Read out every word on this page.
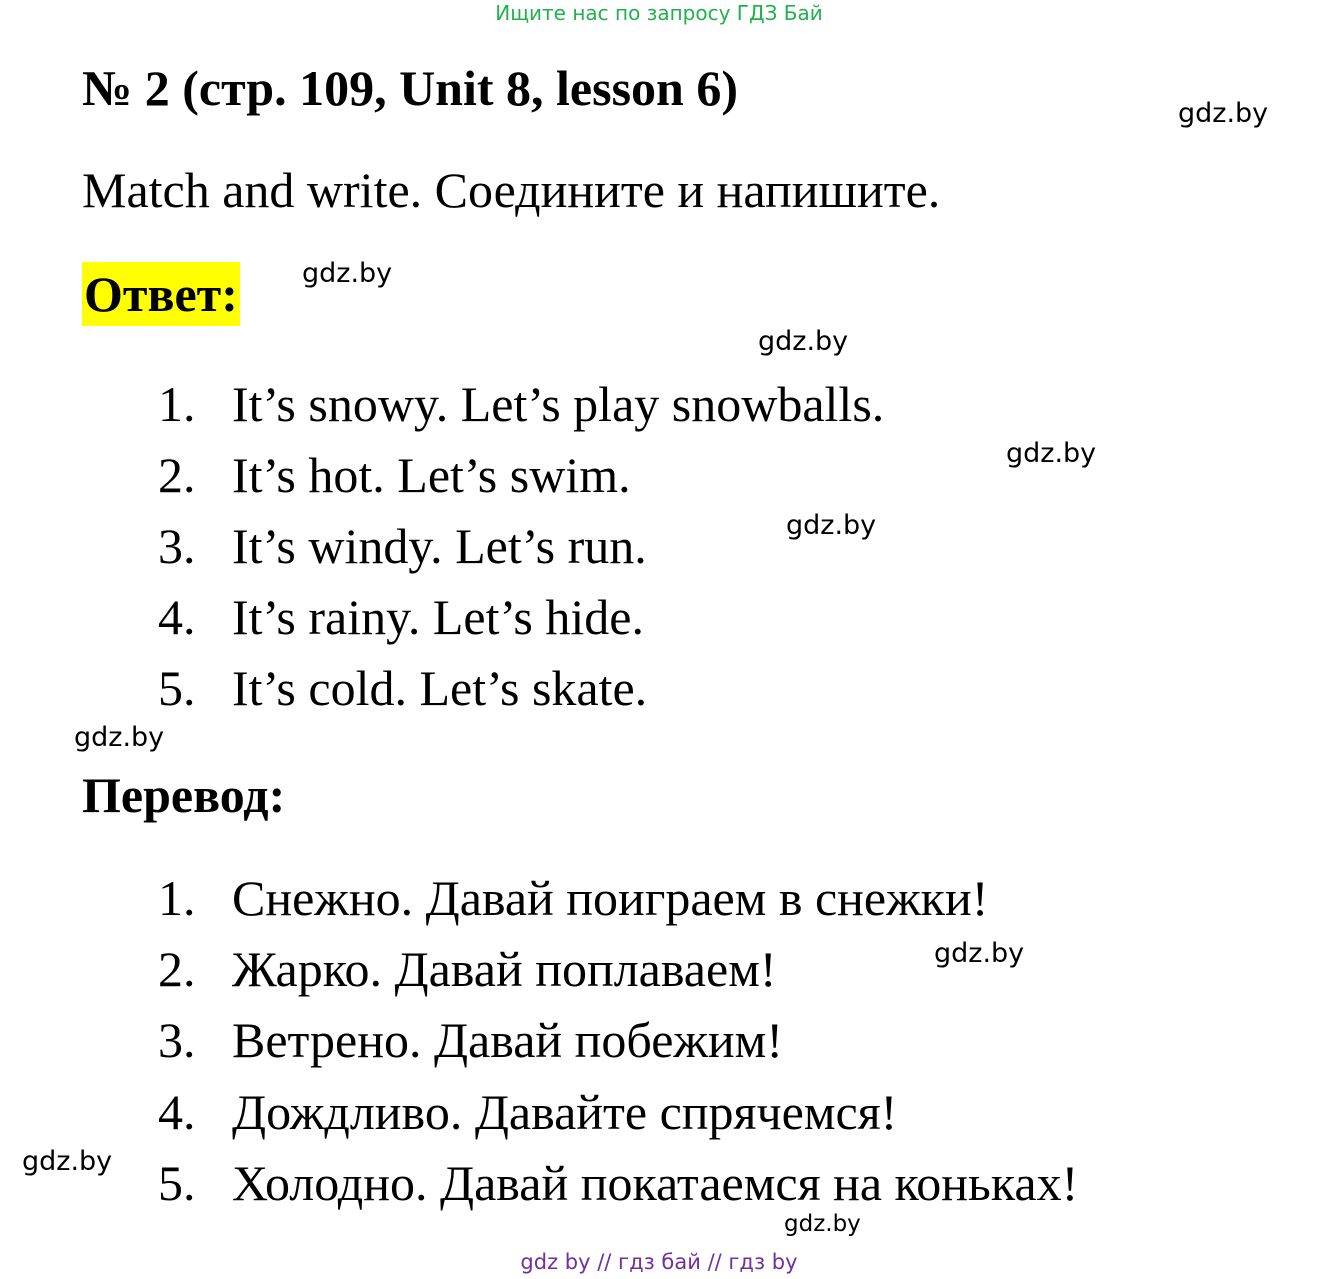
Ищите нас по запросу ГДЗ Бай
№ 2 (стр. 109, Unit 8, lesson 6)
Match and write. Соедините и напишите.
Ответ:
1. It’s snowy. Let’s play snowballs.
2. It’s hot. Let’s swim.
3. It’s windy. Let’s run.
4. It’s rainy. Let’s hide.
5. It’s cold. Let’s skate.
Перевод:
1. Снежно. Давай поиграем в снежки!
2. Жарко. Давай поплаваем!
3. Ветрено. Давай побежим!
4. Дождливо. Давайте спрячемся!
5. Холодно. Давай покатаемся на коньках!
gdz.by
gdz.by
gdz.by
gdz.by
gdz.by
gdz.by
gdz.by
gdz.by
gdz.by
gdz by // гдз бай // гдз by
